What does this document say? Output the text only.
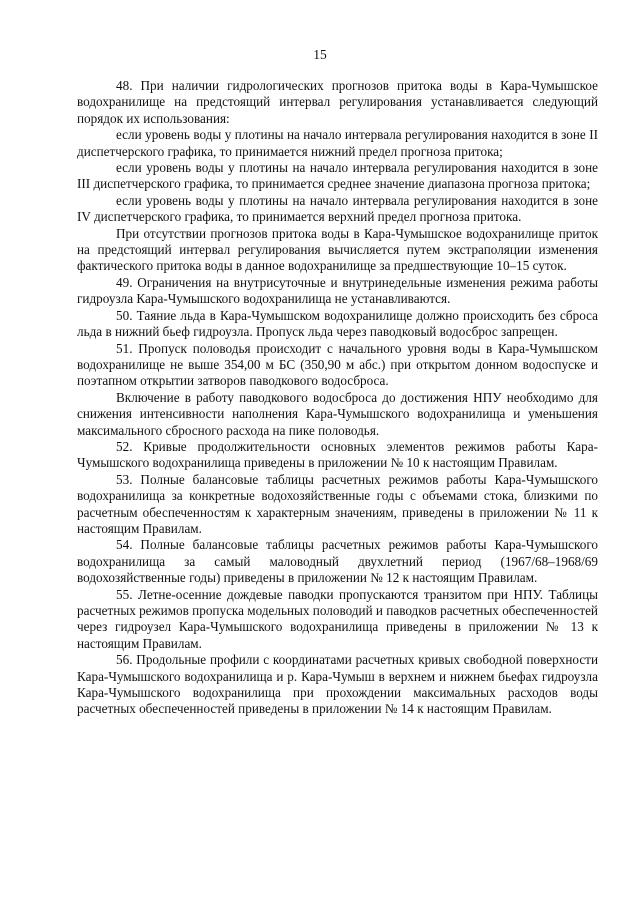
15

48. При наличии гидрологических прогнозов притока воды в Кара-Чумышское водохранилище на предстоящий интервал регулирования устанавливается следующий порядок их использования:

если уровень воды у плотины на начало интервала регулирования находится в зоне II диспетчерского графика, то принимается нижний предел прогноза притока;

если уровень воды у плотины на начало интервала регулирования находится в зоне III диспетчерского графика, то принимается среднее значение диапазона прогноза притока;

если уровень воды у плотины на начало интервала регулирования находится в зоне IV диспетчерского графика, то принимается верхний предел прогноза притока.

При отсутствии прогнозов притока воды в Кара-Чумышское водохранилище приток на предстоящий интервал регулирования вычисляется путем экстраполяции изменения фактического притока воды в данное водохранилище за предшествующие 10–15 суток.

49. Ограничения на внутрисуточные и внутринедельные изменения режима работы гидроузла Кара-Чумышского водохранилища не устанавливаются.

50. Таяние льда в Кара-Чумышском водохранилище должно происходить без сброса льда в нижний бьеф гидроузла. Пропуск льда через паводковый водосброс запрещен.

51. Пропуск половодья происходит с начального уровня воды в Кара-Чумышском водохранилище не выше 354,00 м БС (350,90 м абс.) при открытом донном водоспуске и поэтапном открытии затворов паводкового водосброса.

Включение в работу паводкового водосброса до достижения НПУ необходимо для снижения интенсивности наполнения Кара-Чумышского водохранилища и уменьшения максимального сбросного расхода на пике половодья.

52. Кривые продолжительности основных элементов режимов работы Кара-Чумышского водохранилища приведены в приложении № 10 к настоящим Правилам.

53. Полные балансовые таблицы расчетных режимов работы Кара-Чумышского водохранилища за конкретные водохозяйственные годы с объемами стока, близкими по расчетным обеспеченностям к характерным значениям, приведены в приложении № 11 к настоящим Правилам.

54. Полные балансовые таблицы расчетных режимов работы Кара-Чумышского водохранилища за самый маловодный двухлетний период (1967/68–1968/69 водохозяйственные годы) приведены в приложении № 12 к настоящим Правилам.

55. Летне-осенние дождевые паводки пропускаются транзитом при НПУ. Таблицы расчетных режимов пропуска модельных половодий и паводков расчетных обеспеченностей через гидроузел Кара-Чумышского водохранилища приведены в приложении № 13 к настоящим Правилам.

56. Продольные профили с координатами расчетных кривых свободной поверхности Кара-Чумышского водохранилища и р. Кара-Чумыш в верхнем и нижнем бьефах гидроузла Кара-Чумышского водохранилища при прохождении максимальных расходов воды расчетных обеспеченностей приведены в приложении № 14 к настоящим Правилам.
